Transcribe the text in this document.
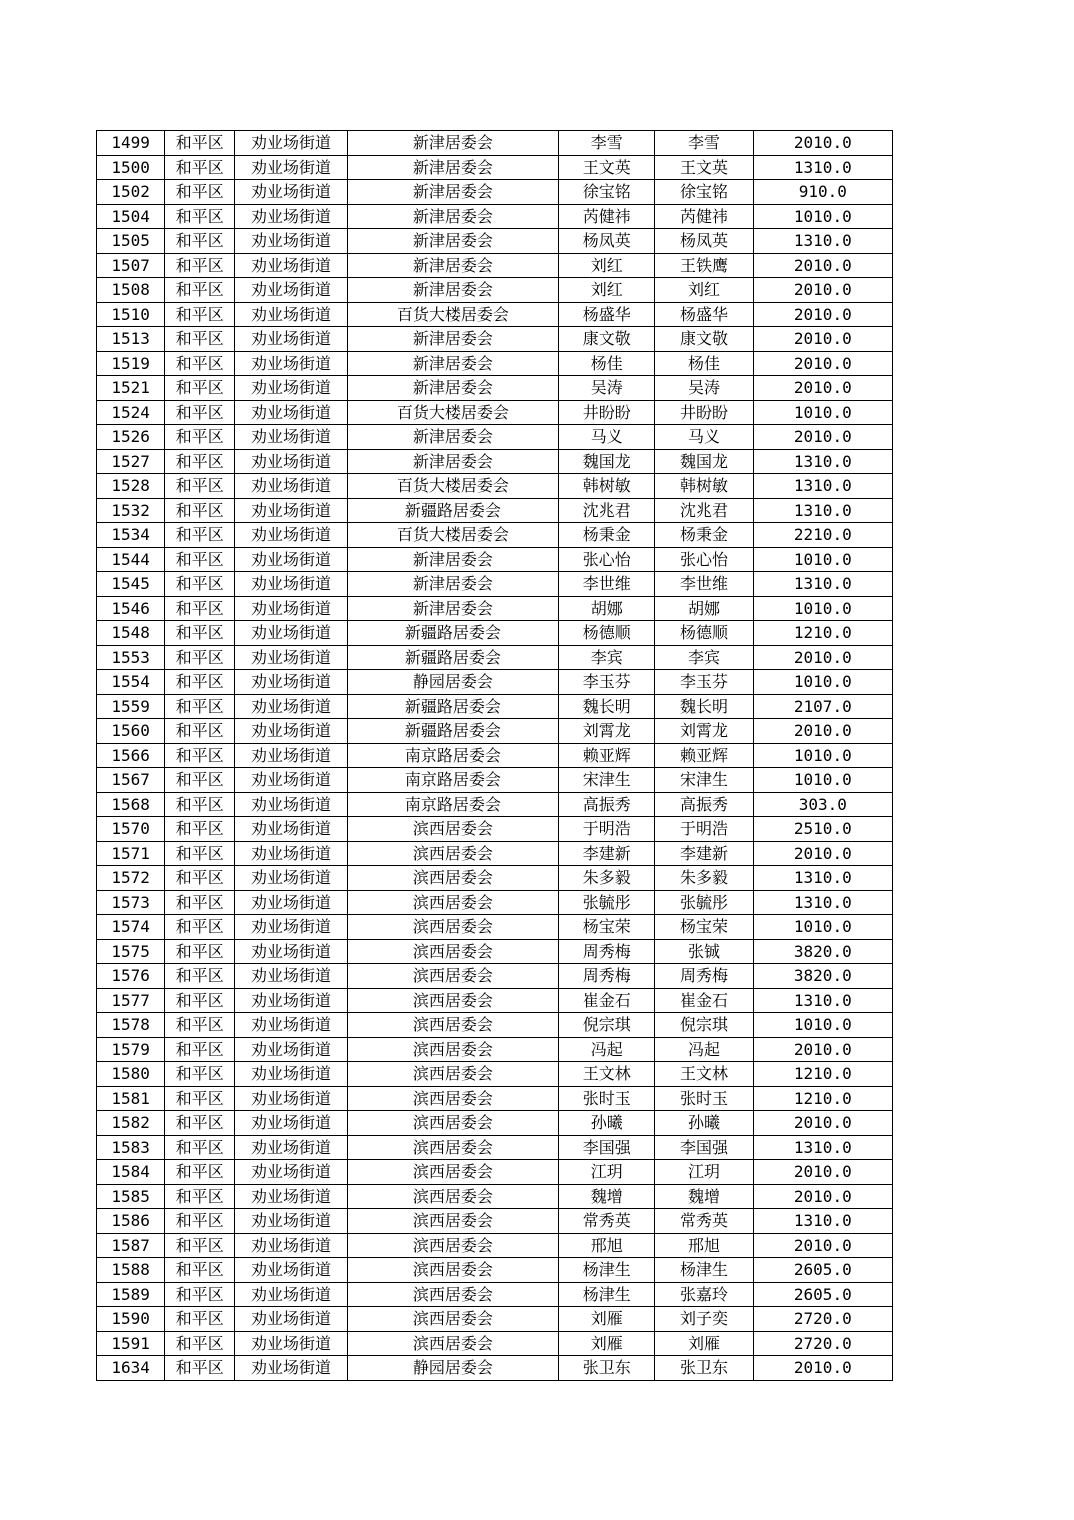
1499	和平区	劝业场街道	新津居委会	李雪	李雪	2010.0
1500	和平区	劝业场街道	新津居委会	王文英	王文英	1310.0
1502	和平区	劝业场街道	新津居委会	徐宝铭	徐宝铭	910.0
1504	和平区	劝业场街道	新津居委会	芮健祎	芮健祎	1010.0
1505	和平区	劝业场街道	新津居委会	杨凤英	杨凤英	1310.0
1507	和平区	劝业场街道	新津居委会	刘红	王铁鹰	2010.0
1508	和平区	劝业场街道	新津居委会	刘红	刘红	2010.0
1510	和平区	劝业场街道	百货大楼居委会	杨盛华	杨盛华	2010.0
1513	和平区	劝业场街道	新津居委会	康文敬	康文敬	2010.0
1519	和平区	劝业场街道	新津居委会	杨佳	杨佳	2010.0
1521	和平区	劝业场街道	新津居委会	吴涛	吴涛	2010.0
1524	和平区	劝业场街道	百货大楼居委会	井盼盼	井盼盼	1010.0
1526	和平区	劝业场街道	新津居委会	马义	马义	2010.0
1527	和平区	劝业场街道	新津居委会	魏国龙	魏国龙	1310.0
1528	和平区	劝业场街道	百货大楼居委会	韩树敏	韩树敏	1310.0
1532	和平区	劝业场街道	新疆路居委会	沈兆君	沈兆君	1310.0
1534	和平区	劝业场街道	百货大楼居委会	杨秉金	杨秉金	2210.0
1544	和平区	劝业场街道	新津居委会	张心怡	张心怡	1010.0
1545	和平区	劝业场街道	新津居委会	李世维	李世维	1310.0
1546	和平区	劝业场街道	新津居委会	胡娜	胡娜	1010.0
1548	和平区	劝业场街道	新疆路居委会	杨德顺	杨德顺	1210.0
1553	和平区	劝业场街道	新疆路居委会	李宾	李宾	2010.0
1554	和平区	劝业场街道	静园居委会	李玉芬	李玉芬	1010.0
1559	和平区	劝业场街道	新疆路居委会	魏长明	魏长明	2107.0
1560	和平区	劝业场街道	新疆路居委会	刘霄龙	刘霄龙	2010.0
1566	和平区	劝业场街道	南京路居委会	赖亚辉	赖亚辉	1010.0
1567	和平区	劝业场街道	南京路居委会	宋津生	宋津生	1010.0
1568	和平区	劝业场街道	南京路居委会	高振秀	高振秀	303.0
1570	和平区	劝业场街道	滨西居委会	于明浩	于明浩	2510.0
1571	和平区	劝业场街道	滨西居委会	李建新	李建新	2010.0
1572	和平区	劝业场街道	滨西居委会	朱多毅	朱多毅	1310.0
1573	和平区	劝业场街道	滨西居委会	张毓彤	张毓彤	1310.0
1574	和平区	劝业场街道	滨西居委会	杨宝荣	杨宝荣	1010.0
1575	和平区	劝业场街道	滨西居委会	周秀梅	张铖	3820.0
1576	和平区	劝业场街道	滨西居委会	周秀梅	周秀梅	3820.0
1577	和平区	劝业场街道	滨西居委会	崔金石	崔金石	1310.0
1578	和平区	劝业场街道	滨西居委会	倪宗琪	倪宗琪	1010.0
1579	和平区	劝业场街道	滨西居委会	冯起	冯起	2010.0
1580	和平区	劝业场街道	滨西居委会	王文林	王文林	1210.0
1581	和平区	劝业场街道	滨西居委会	张时玉	张时玉	1210.0
1582	和平区	劝业场街道	滨西居委会	孙曦	孙曦	2010.0
1583	和平区	劝业场街道	滨西居委会	李国强	李国强	1310.0
1584	和平区	劝业场街道	滨西居委会	江玥	江玥	2010.0
1585	和平区	劝业场街道	滨西居委会	魏增	魏增	2010.0
1586	和平区	劝业场街道	滨西居委会	常秀英	常秀英	1310.0
1587	和平区	劝业场街道	滨西居委会	邢旭	邢旭	2010.0
1588	和平区	劝业场街道	滨西居委会	杨津生	杨津生	2605.0
1589	和平区	劝业场街道	滨西居委会	杨津生	张嘉玲	2605.0
1590	和平区	劝业场街道	滨西居委会	刘雁	刘子奕	2720.0
1591	和平区	劝业场街道	滨西居委会	刘雁	刘雁	2720.0
1634	和平区	劝业场街道	静园居委会	张卫东	张卫东	2010.0
